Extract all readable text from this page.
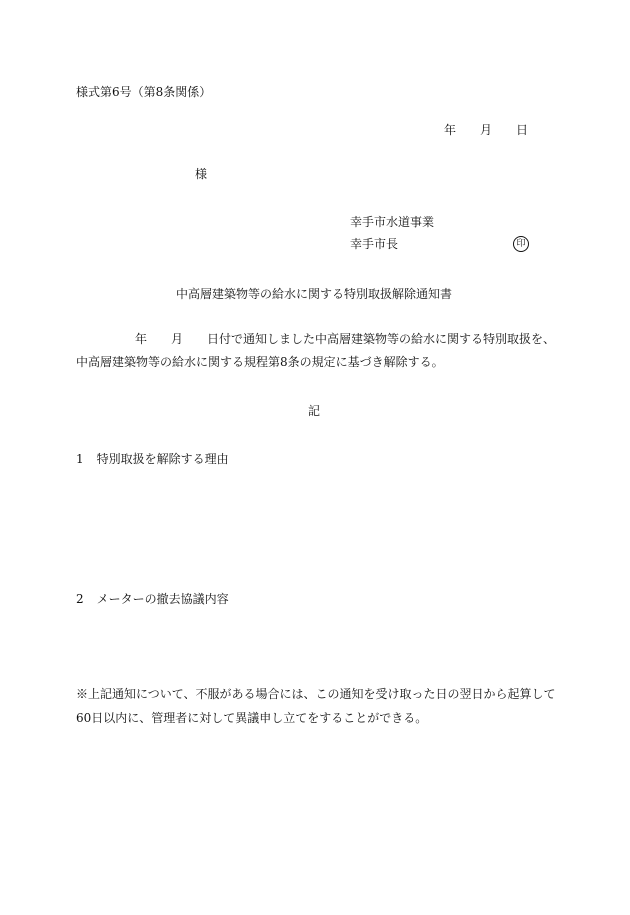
様式第6号（第8条関係）
年 月 日
様
幸手市水道事業
幸手市長	印
中高層建築物等の給水に関する特別取扱解除通知書
年 月 日付で通知しました中高層建築物等の給水に関する特別取扱を、
中高層建築物等の給水に関する規程第8条の規定に基づき解除する。
記
1 特別取扱を解除する理由
2 メーターの撤去協議内容
※上記通知について、不服がある場合には、この通知を受け取った日の翌日から起算して
60日以内に、管理者に対して異議申し立てをすることができる。
